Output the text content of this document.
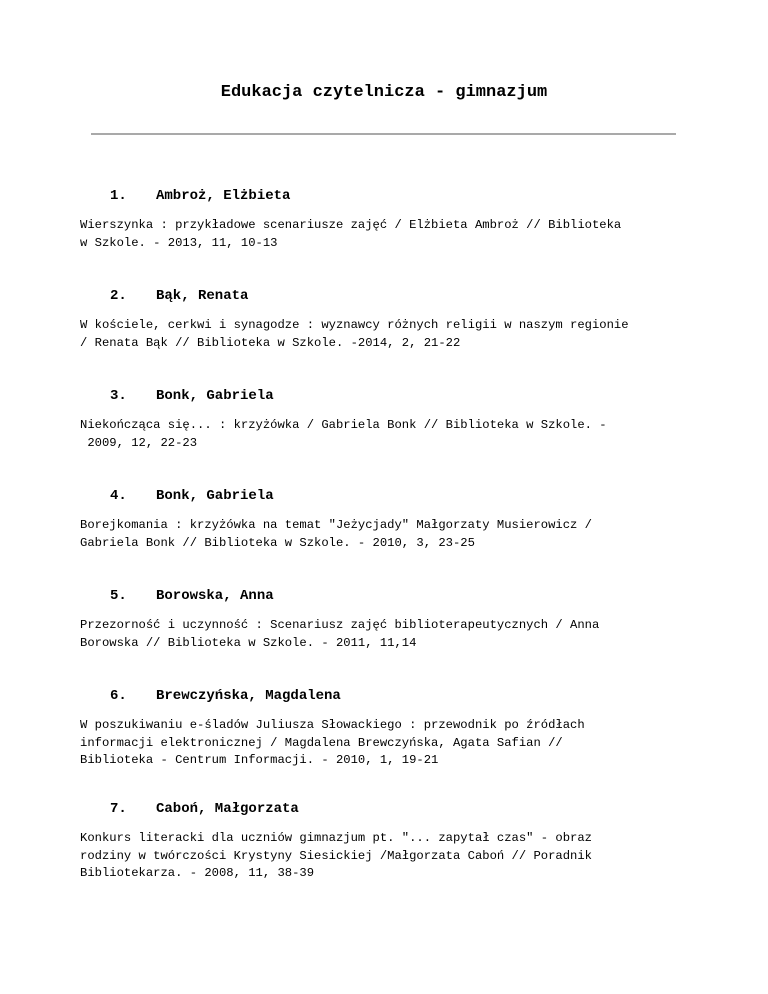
Edukacja czytelnicza - gimnazjum
1.	Ambroż, Elżbieta
Wierszynka : przykładowe scenariusze zajęć / Elżbieta Ambroż // Biblioteka
w Szkole. - 2013, 11, 10-13
2.	Bąk, Renata
W kościele, cerkwi i synagodze : wyznawcy różnych religii w naszym regionie
/ Renata Bąk // Biblioteka w Szkole. -2014, 2, 21-22
3.	Bonk, Gabriela
Niekończąca się... : krzyżówka / Gabriela Bonk // Biblioteka w Szkole. -
2009, 12, 22-23
4.	Bonk, Gabriela
Borejkomania : krzyżówka na temat "Jeżycjady" Małgorzaty Musierowicz /
Gabriela Bonk // Biblioteka w Szkole. - 2010, 3, 23-25
5.	Borowska, Anna
Przezorność i uczynność : Scenariusz zajęć biblioterapeutycznych / Anna
Borowska // Biblioteka w Szkole. - 2011, 11,14
6.	Brewczyńska, Magdalena
W poszukiwaniu e-śladów Juliusza Słowackiego : przewodnik po źródłach
informacji elektronicznej / Magdalena Brewczyńska, Agata Safian //
Biblioteka - Centrum Informacji. - 2010, 1, 19-21
7.	Caboń, Małgorzata
Konkurs literacki dla uczniów gimnazjum pt. "... zapytał czas" - obraz
rodziny w twórczości Krystyny Siesickiej /Małgorzata Caboń // Poradnik
Bibliotekarza. - 2008, 11, 38-39
